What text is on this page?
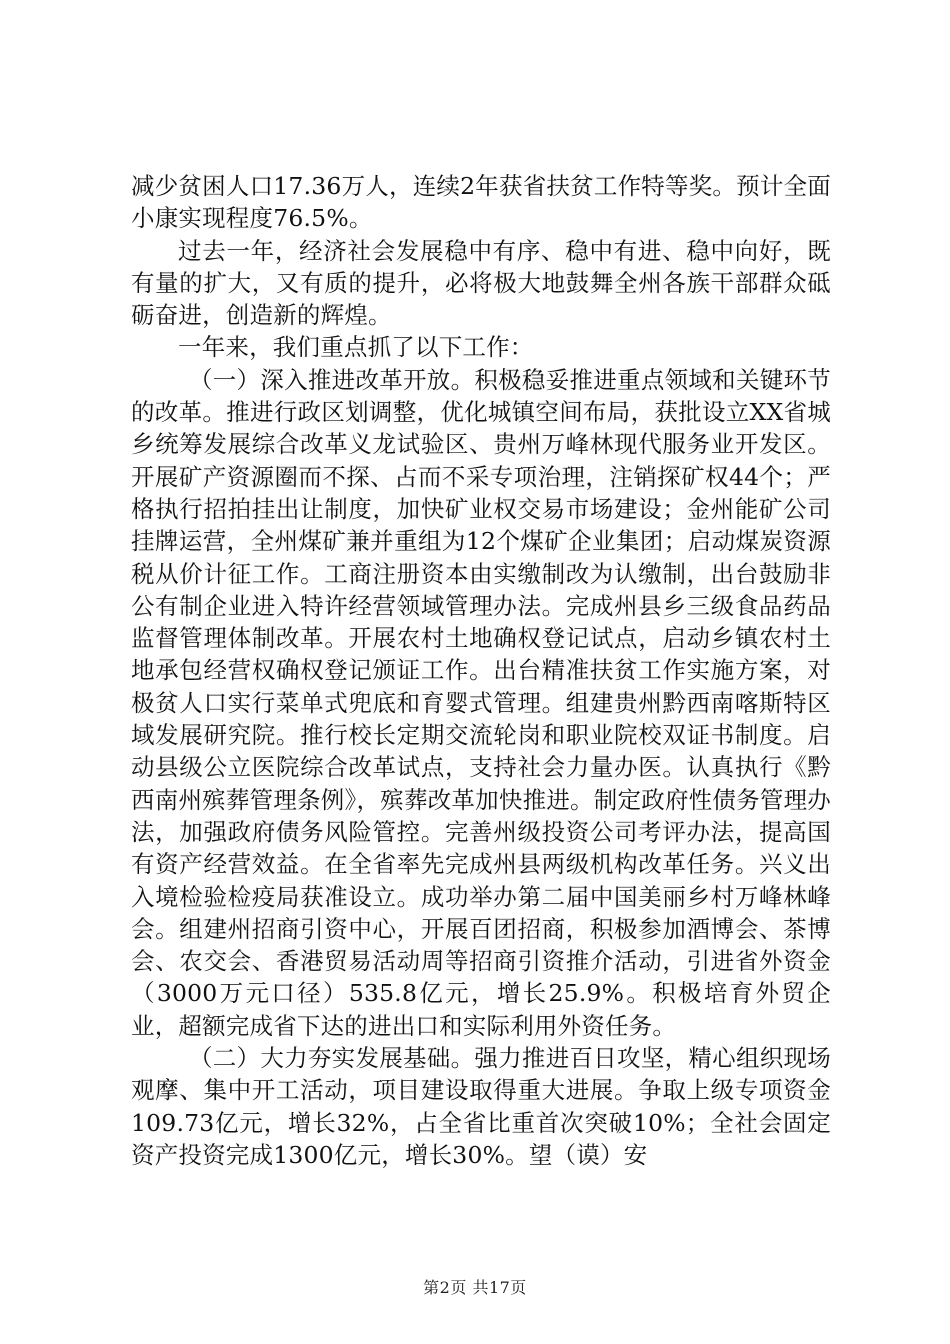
减少贫困人口17.36万人，连续2年获省扶贫工作特等奖。预计全面小康实现程度76.5%。

过去一年，经济社会发展稳中有序、稳中有进、稳中向好，既有量的扩大，又有质的提升，必将极大地鼓舞全州各族干部群众砥砺奋进，创造新的辉煌。

一年来，我们重点抓了以下工作：

（一）深入推进改革开放。积极稳妥推进重点领域和关键环节的改革。推进行政区划调整，优化城镇空间布局，获批设立XX省城乡统筹发展综合改革义龙试验区、贵州万峰林现代服务业开发区。开展矿产资源圈而不探、占而不采专项治理，注销探矿权44个；严格执行招拍挂出让制度，加快矿业权交易市场建设；金州能矿公司挂牌运营，全州煤矿兼并重组为12个煤矿企业集团；启动煤炭资源税从价计征工作。工商注册资本由实缴制改为认缴制，出台鼓励非公有制企业进入特许经营领域管理办法。完成州县乡三级食品药品监督管理体制改革。开展农村土地确权登记试点，启动乡镇农村土地承包经营权确权登记颁证工作。出台精准扶贫工作实施方案，对极贫人口实行菜单式兜底和育婴式管理。组建贵州黔西南喀斯特区域发展研究院。推行校长定期交流轮岗和职业院校双证书制度。启动县级公立医院综合改革试点，支持社会力量办医。认真执行《黔西南州殡葬管理条例》，殡葬改革加快推进。制定政府性债务管理办法，加强政府债务风险管控。完善州级投资公司考评办法，提高国有资产经营效益。在全省率先完成州县两级机构改革任务。兴义出入境检验检疫局获准设立。成功举办第二届中国美丽乡村万峰林峰会。组建州招商引资中心，开展百团招商，积极参加酒博会、茶博会、农交会、香港贸易活动周等招商引资推介活动，引进省外资金（3000万元口径）535.8亿元，增长25.9%。积极培育外贸企业，超额完成省下达的进出口和实际利用外资任务。

（二）大力夯实发展基础。强力推进百日攻坚，精心组织现场观摩、集中开工活动，项目建设取得重大进展。争取上级专项资金109.73亿元，增长32%，占全省比重首次突破10%；全社会固定资产投资完成1300亿元，增长30%。望（谟）安

第2页 共17页
